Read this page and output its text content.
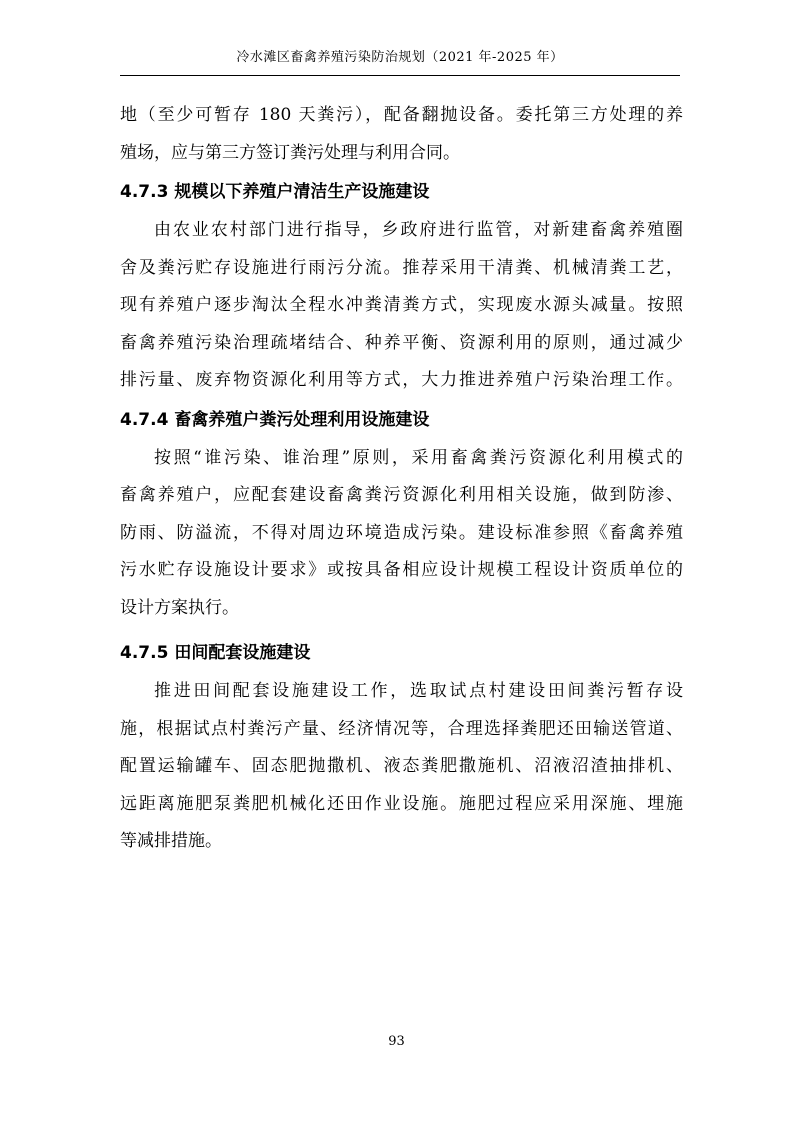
冷水滩区畜禽养殖污染防治规划（2021 年-2025 年）
地（至少可暂存 180 天粪污），配备翻抛设备。委托第三方处理的养
殖场，应与第三方签订粪污处理与利用合同。
4.7.3 规模以下养殖户清洁生产设施建设
由农业农村部门进行指导，乡政府进行监管，对新建畜禽养殖圈
舍及粪污贮存设施进行雨污分流。推荐采用干清粪、机械清粪工艺，
现有养殖户逐步淘汰全程水冲粪清粪方式，实现废水源头减量。按照
畜禽养殖污染治理疏堵结合、种养平衡、资源利用的原则，通过减少
排污量、废弃物资源化利用等方式，大力推进养殖户污染治理工作。
4.7.4 畜禽养殖户粪污处理利用设施建设
按照“谁污染、谁治理”原则，采用畜禽粪污资源化利用模式的
畜禽养殖户，应配套建设畜禽粪污资源化利用相关设施，做到防渗、
防雨、防溢流，不得对周边环境造成污染。建设标准参照《畜禽养殖
污水贮存设施设计要求》或按具备相应设计规模工程设计资质单位的
设计方案执行。
4.7.5 田间配套设施建设
推进田间配套设施建设工作，选取试点村建设田间粪污暂存设
施，根据试点村粪污产量、经济情况等，合理选择粪肥还田输送管道、
配置运输罐车、固态肥抛撒机、液态粪肥撒施机、沼液沼渣抽排机、
远距离施肥泵粪肥机械化还田作业设施。施肥过程应采用深施、埋施
等减排措施。
93
